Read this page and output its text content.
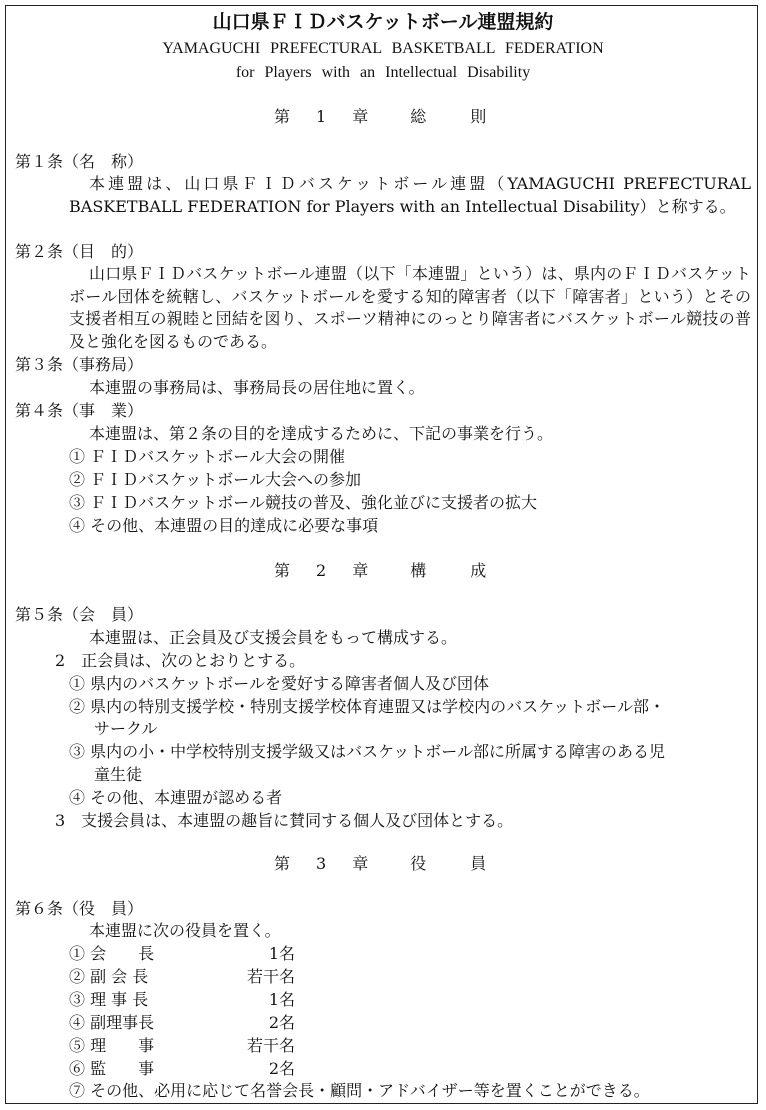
山口県ＦＩＤバスケットボール連盟規約
YAMAGUCHI PREFECTURAL BASKETBALL FEDERATION
for Players with an Intellectual Disability
第 1 章	総	則
第１条（名　称）
本連盟は、山口県ＦＩＤバスケットボール連盟（YAMAGUCHI PREFECTURAL BASKETBALL FEDERATION for Players with an Intellectual Disability）と称する。
第２条（目　的）
山口県ＦＩＤバスケットボール連盟（以下「本連盟」という）は、県内のＦＩＤバスケットボール団体を統轄し、バスケットボールを愛する知的障害者（以下「障害者」という）とその支援者相互の親睦と団結を図り、スポーツ精神にのっとり障害者にバスケットボール競技の普及と強化を図るものである。
第３条（事務局）
本連盟の事務局は、事務局長の居住地に置く。
第４条（事　業）
本連盟は、第２条の目的を達成するために、下記の事業を行う。
① ＦＩＤバスケットボール大会の開催
② ＦＩＤバスケットボール大会への参加
③ ＦＩＤバスケットボール競技の普及、強化並びに支援者の拡大
④ その他、本連盟の目的達成に必要な事項
第 2 章	構	成
第５条（会　員）
本連盟は、正会員及び支援会員をもって構成する。
2　正会員は、次のとおりとする。
① 県内のバスケットボールを愛好する障害者個人及び団体
② 県内の特別支援学校・特別支援学校体育連盟又は学校内のバスケットボール部・
サークル
③ 県内の小・中学校特別支援学級又はバスケットボール部に所属する障害のある児
童生徒
④ その他、本連盟が認める者
3　支援会員は、本連盟の趣旨に賛同する個人及び団体とする。
第 3 章	役	員
第６条（役　員）
本連盟に次の役員を置く。
① 会　　長	1名
② 副 会 長	若干名
③ 理 事 長	1名
④ 副理事長	2名
⑤ 理　　事	若干名
⑥ 監　　事	2名
⑦ その他、必用に応じて名誉会長・顧問・アドバイザー等を置くことができる。
